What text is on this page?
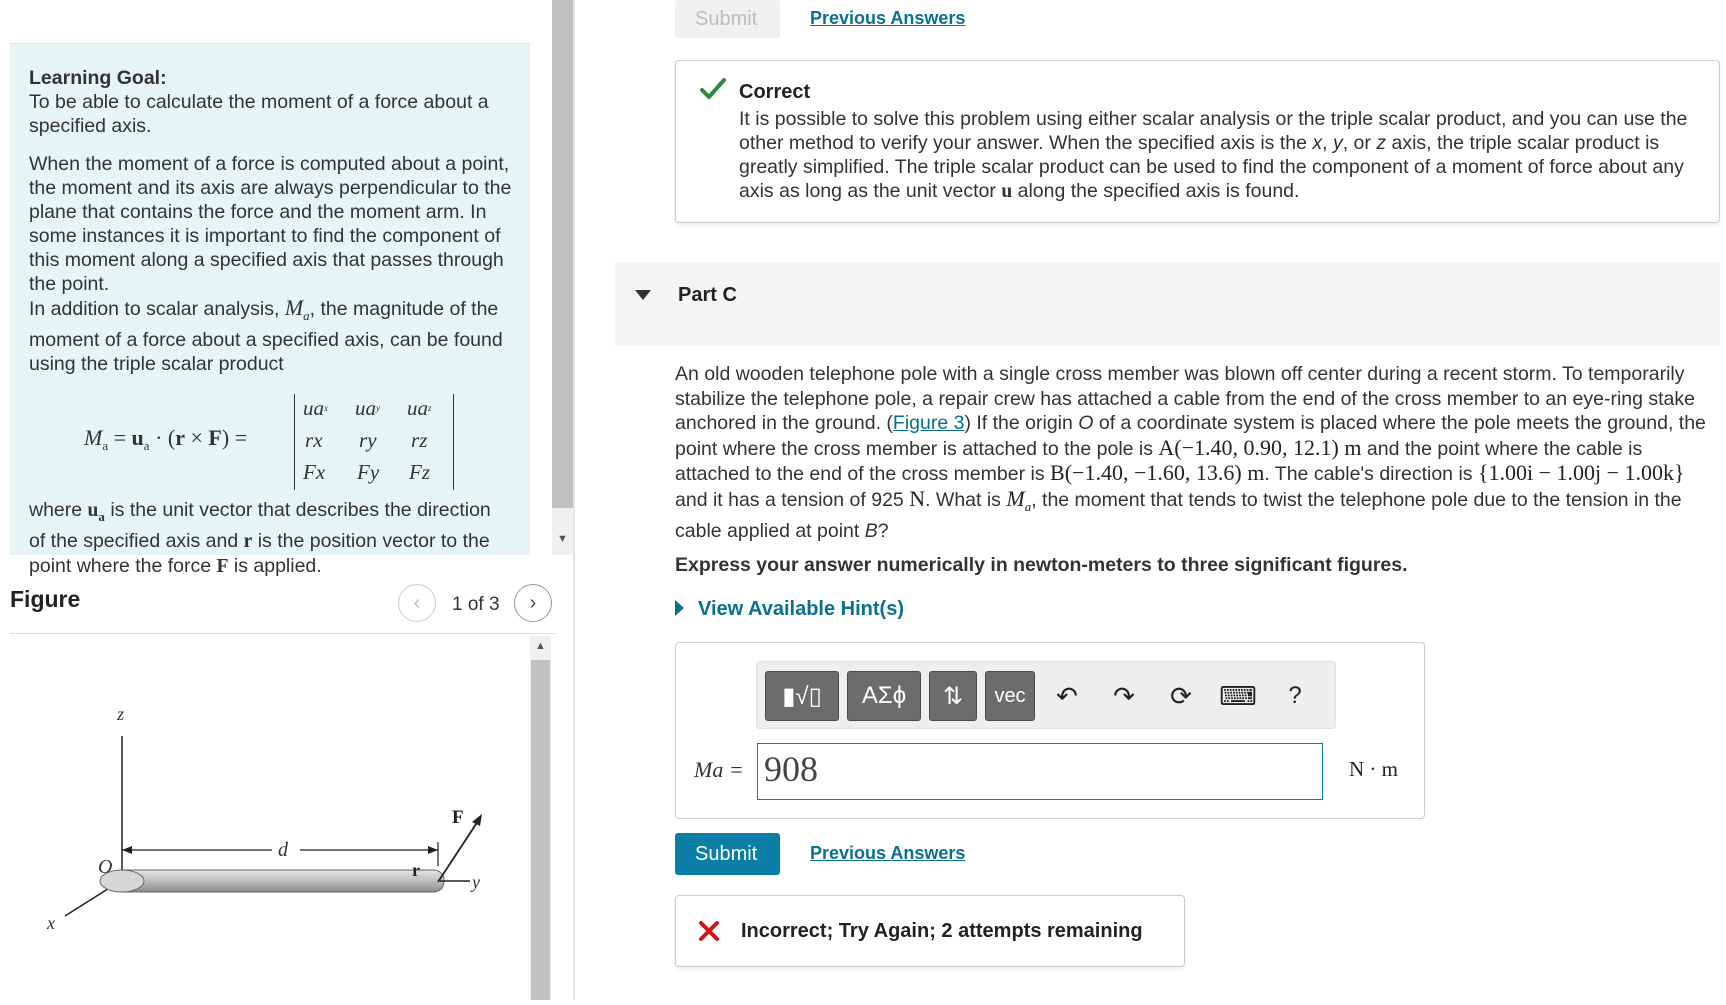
Learning Goal:

To be able to calculate the moment of a force about a specified axis.

When the moment of a force is computed about a point, the moment and its axis are always perpendicular to the plane that contains the force and the moment arm. In some instances it is important to find the component of this moment along a specified axis that passes through the point.

In addition to scalar analysis, $M_a$, the magnitude of the moment of a force about a specified axis, can be found using the triple scalar product

$M_a = u_a \cdot (r \times F)$ =
u a x u a y u a z
r x r y r z
F x F y F z

where $u_a$ is the unit vector that describes the direction of the specified axis and r is the position vector to the point where the force F is applied.

▼
Figure	‹ 1 of 3 ›
z
x
O
y
d
r
F
▲
Submit	Previous Answers
Correct
It is possible to solve this problem using either scalar analysis or the triple scalar product, and you can use the other method to verify your answer. When the specified axis is the x, y, or z axis, the triple scalar product is greatly simplified. The triple scalar product can be used to find the component of a moment of force about any axis as long as the unit vector u along the specified axis is found.
Part C
An old wooden telephone pole with a single cross member was blown off center during a recent storm. To temporarily stabilize the telephone pole, a repair crew has attached a cable from the end of the cross member to an eye-ring stake anchored in the ground. (Figure 3) If the origin O of a coordinate system is placed where the pole meets the ground, the point where the cross member is attached to the pole is A(−1.40, 0.90, 12.1) m and the point where the cable is attached to the end of the cross member is B(−1.40, −1.60, 13.6) m. The cable's direction is {1.00i − 1.00j − 1.00k} and it has a tension of 925 N. What is $M_a$, the moment that tends to twist the telephone pole due to the tension in the cable applied at point B?
Express your answer numerically in newton-meters to three significant figures.
View Available Hint(s)
▮√▯	ΑΣϕ	⇅	vec	↶	↷	⟳	⌨	?
Ma = 908	N · m
Submit	Previous Answers
Incorrect; Try Again; 2 attempts remaining
